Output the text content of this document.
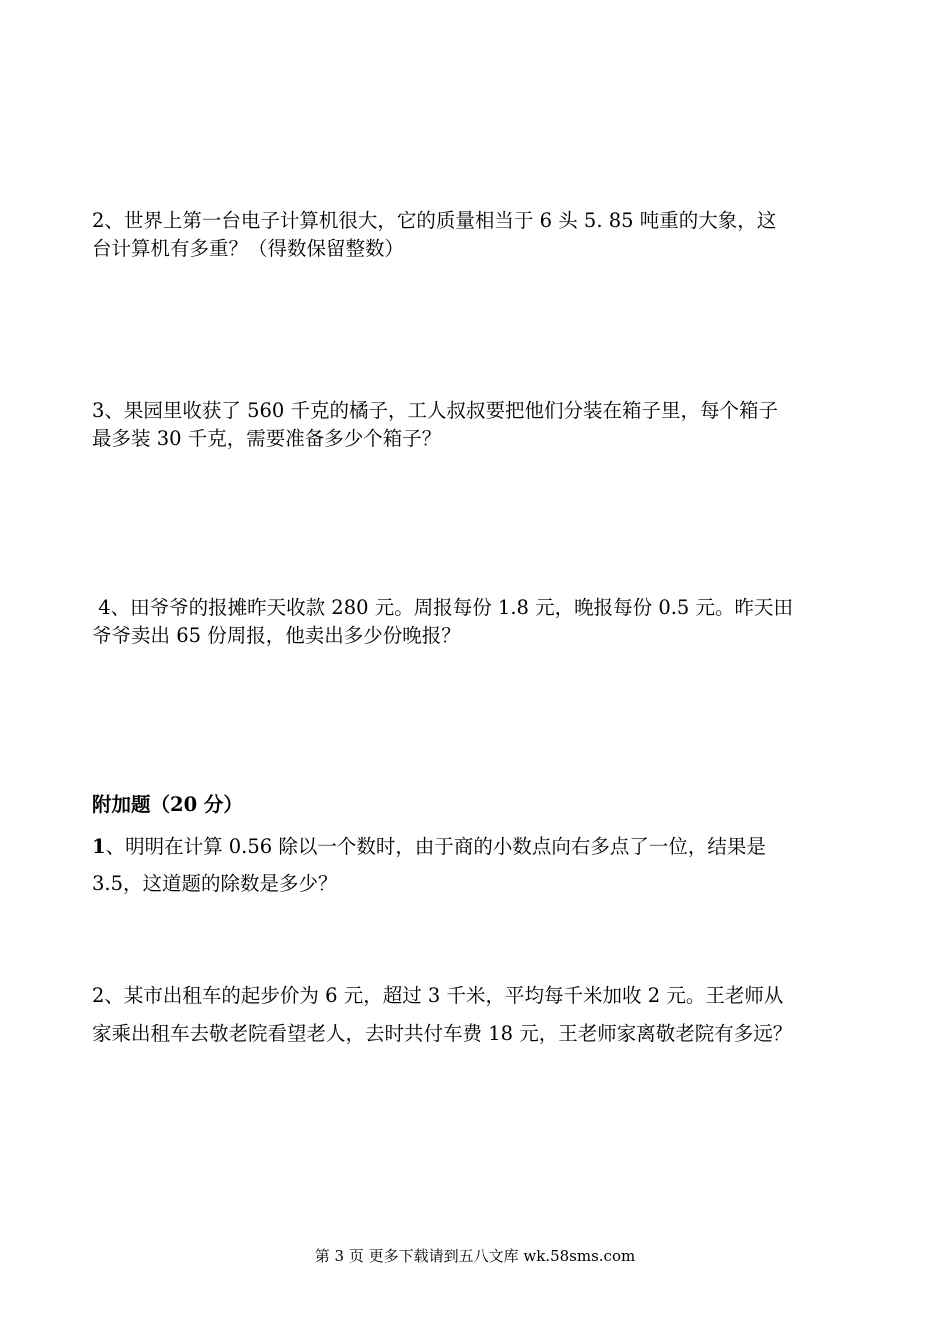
2、世界上第一台电子计算机很大，它的质量相当于 6 头 5. 85 吨重的大象，这
台计算机有多重？（得数保留整数）
3、果园里收获了 560 千克的橘子，工人叔叔要把他们分装在箱子里，每个箱子
最多装 30 千克，需要准备多少个箱子？
4、田爷爷的报摊昨天收款 280 元。周报每份 1.8 元，晚报每份 0.5 元。昨天田
爷爷卖出 65 份周报，他卖出多少份晚报？
附加题（20 分）
1、明明在计算 0.56 除以一个数时，由于商的小数点向右多点了一位，结果是
3.5，这道题的除数是多少？
2、某市出租车的起步价为 6 元，超过 3 千米，平均每千米加收 2 元。王老师从
家乘出租车去敬老院看望老人，去时共付车费 18 元，王老师家离敬老院有多远？
第 3 页 更多下载请到五八文库 wk.58sms.com
